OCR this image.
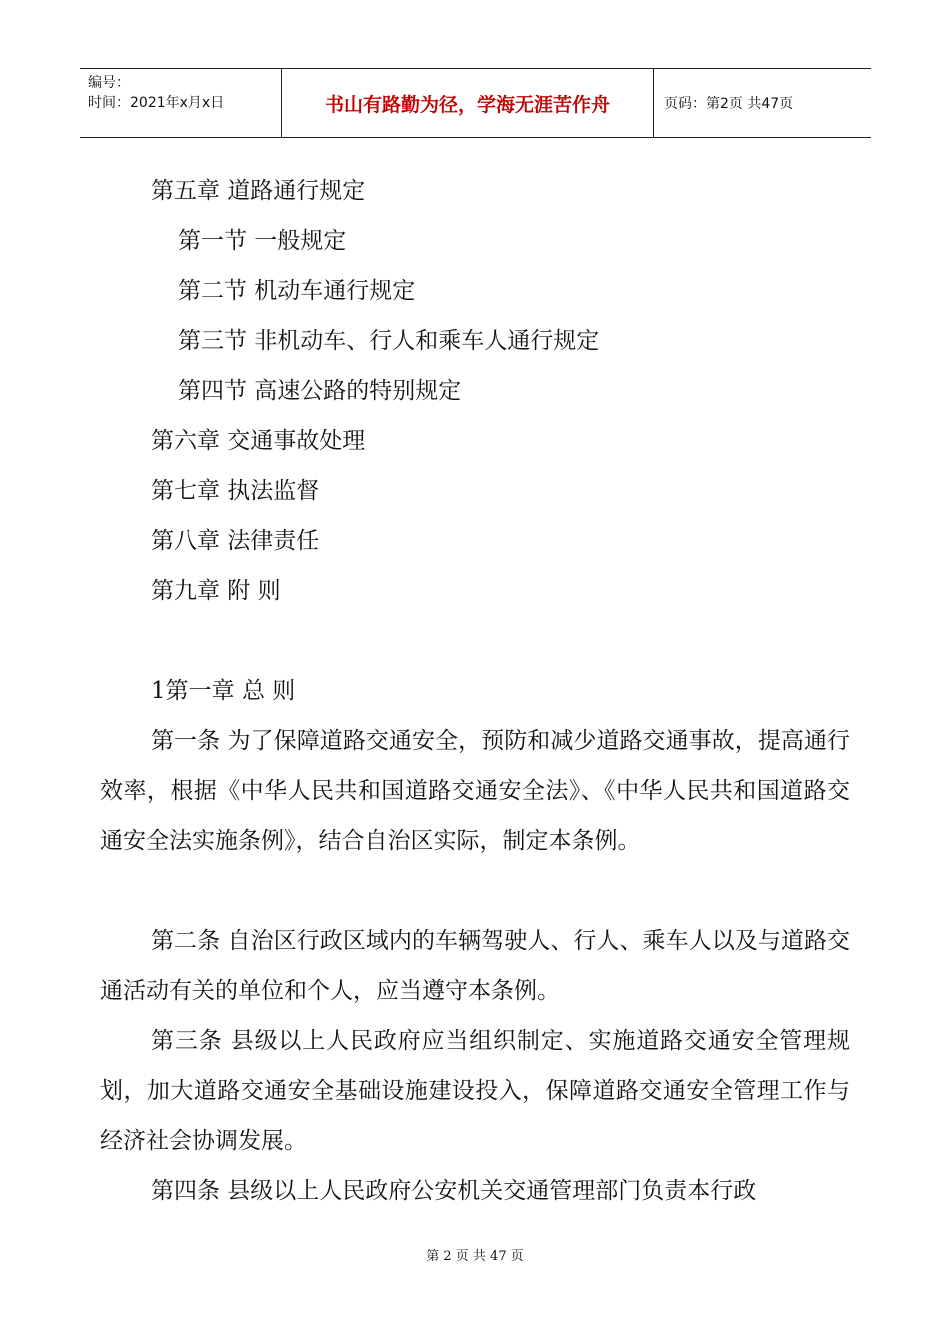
编号：
时间：2021年x月x日	书山有路勤为径，学海无涯苦作舟	页码：第2页 共47页
第五章 道路通行规定
第一节 一般规定
第二节 机动车通行规定
第三节 非机动车、行人和乘车人通行规定
第四节 高速公路的特别规定
第六章 交通事故处理
第七章 执法监督
第八章 法律责任
第九章 附 则
1第一章 总 则

第一条 为了保障道路交通安全，预防和减少道路交通事故，提高通行效率，根据《中华人民共和国道路交通安全法》、《中华人民共和国道路交通安全法实施条例》，结合自治区实际，制定本条例。

第二条 自治区行政区域内的车辆驾驶人、行人、乘车人以及与道路交通活动有关的单位和个人，应当遵守本条例。

第三条 县级以上人民政府应当组织制定、实施道路交通安全管理规划，加大道路交通安全基础设施建设投入，保障道路交通安全管理工作与经济社会协调发展。

第四条 县级以上人民政府公安机关交通管理部门负责本行政

第 2 页 共 47 页
